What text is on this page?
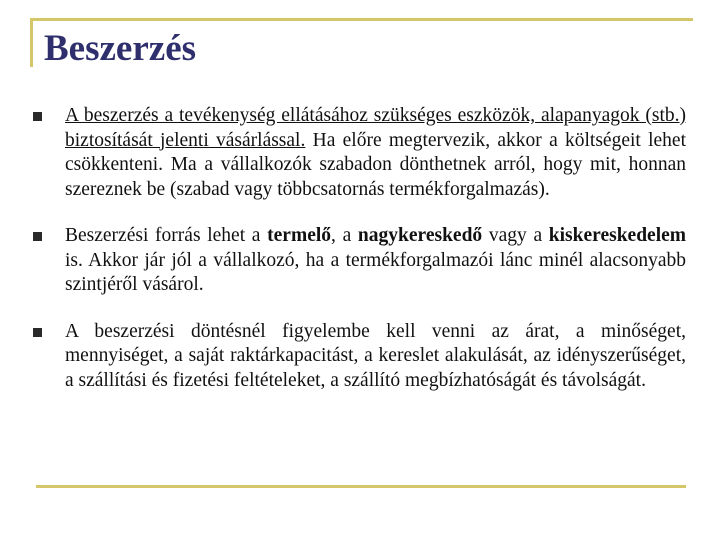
Beszerzés
A beszerzés a tevékenység ellátásához szükséges eszközök, alapanyagok (stb.) biztosítását jelenti vásárlással. Ha előre megtervezik, akkor a költségeit lehet csökkenteni. Ma a vállalkozók szabadon dönthetnek arról, hogy mit, honnan szereznek be (szabad vagy többcsatornás termékforgalmazás).
Beszerzési forrás lehet a termelő, a nagykereskedő vagy a kiskereskedelem is. Akkor jár jól a vállalkozó, ha a termékforgalmazói lánc minél alacsonyabb szintjéről vásárol.
A beszerzési döntésnél figyelembe kell venni az árat, a minőséget, mennyiséget, a saját raktárkapacitást, a kereslet alakulását, az idényszerűséget, a szállítási és fizetési feltételeket, a szállító megbízhatóságát és távolságát.
